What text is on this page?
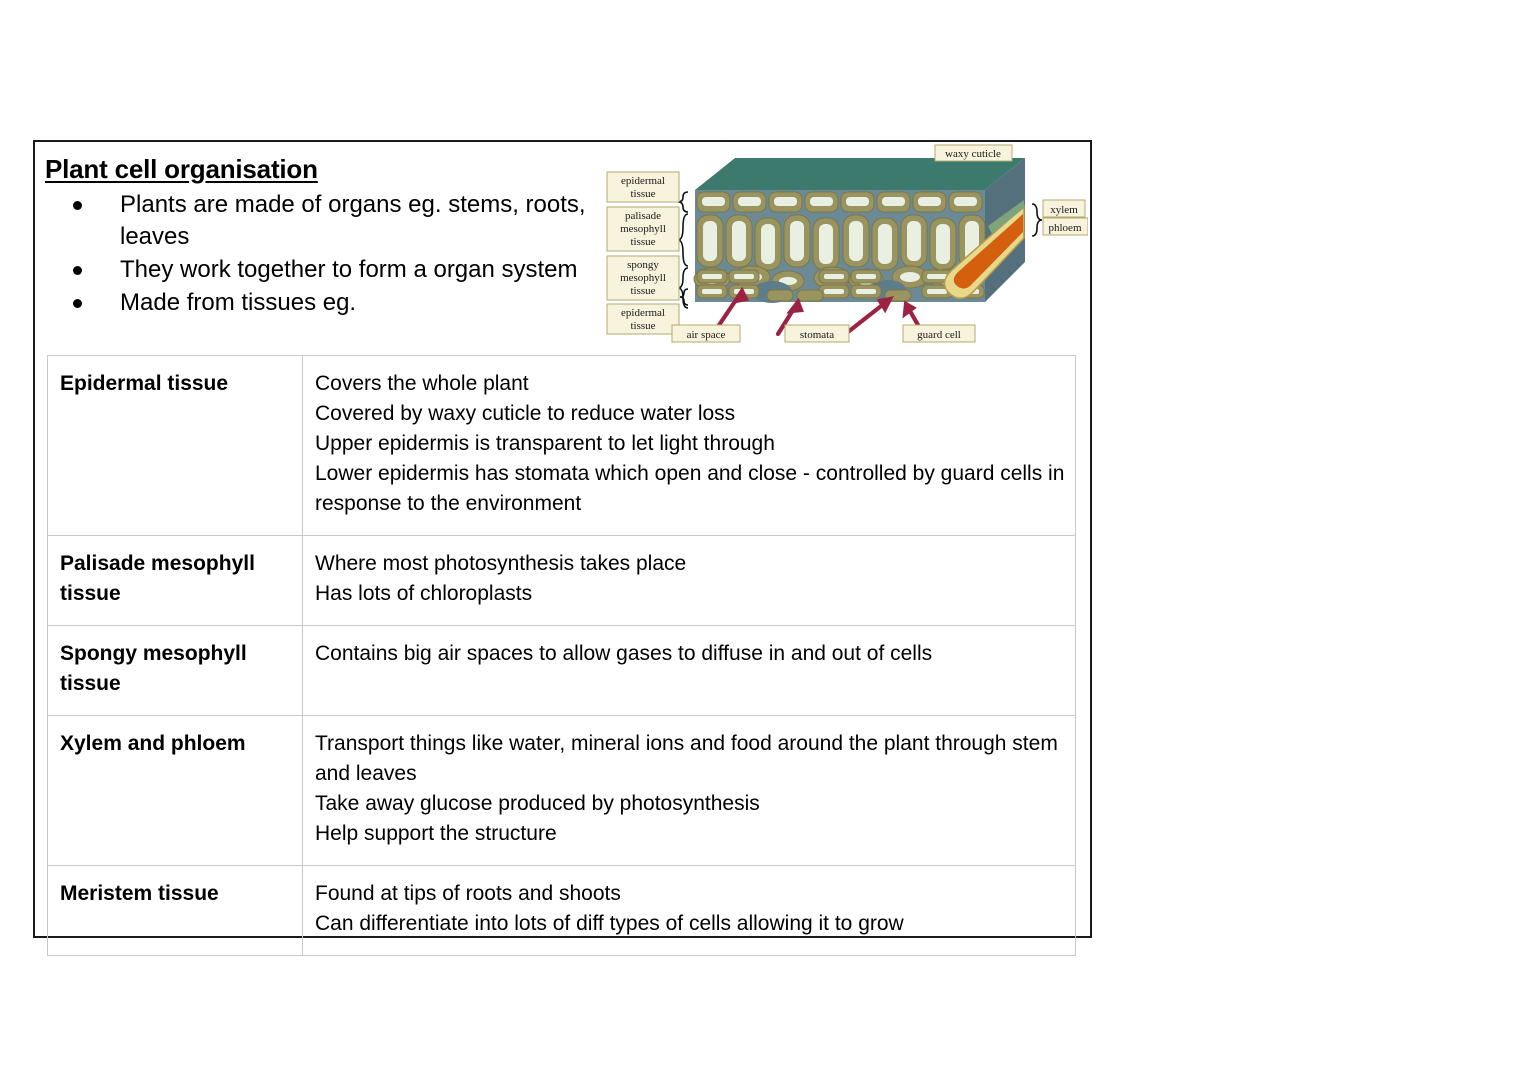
Plant cell organisation
Plants are made of organs eg. stems, roots, leaves
They work together to form a organ system
Made from tissues eg.
waxy cuticle
epidermal
tissue
palisade
mesophyll
tissue
spongy
mesophyll
tissue
epidermal
tissue
xylem
phloem
air space	stomata	guard cell
Epidermal tissue	Covers the whole plant
Covered by waxy cuticle to reduce water loss
Upper epidermis is transparent to let light through
Lower epidermis has stomata which open and close - controlled by guard cells in response to the environment

Palisade mesophyll tissue	Where most photosynthesis takes place
Has lots of chloroplasts

Spongy mesophyll tissue	Contains big air spaces to allow gases to diffuse in and out of cells

Xylem and phloem	Transport things like water, mineral ions and food around the plant through stem and leaves
Take away glucose produced by photosynthesis
Help support the structure

Meristem tissue	Found at tips of roots and shoots
Can differentiate into lots of diff types of cells allowing it to grow
